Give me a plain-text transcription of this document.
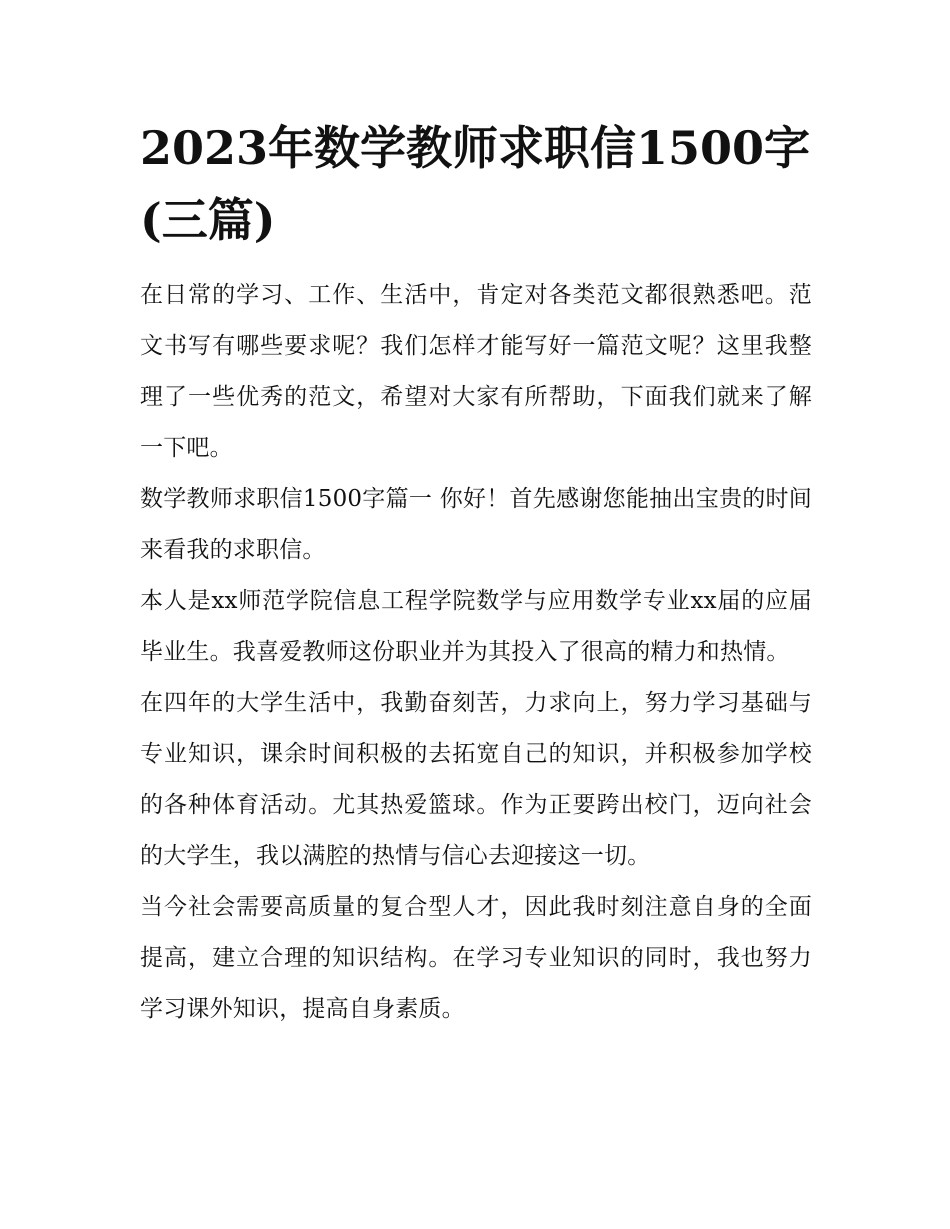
2023年数学教师求职信1500字(三篇)

在日常的学习、工作、生活中，肯定对各类范文都很熟悉吧。范文书写有哪些要求呢？我们怎样才能写好一篇范文呢？这里我整理了一些优秀的范文，希望对大家有所帮助，下面我们就来了解一下吧。

数学教师求职信1500字篇一 你好！首先感谢您能抽出宝贵的时间来看我的求职信。

本人是xx师范学院信息工程学院数学与应用数学专业xx届的应届毕业生。我喜爱教师这份职业并为其投入了很高的精力和热情。

在四年的大学生活中，我勤奋刻苦，力求向上，努力学习基础与专业知识，课余时间积极的去拓宽自己的知识，并积极参加学校的各种体育活动。尤其热爱篮球。作为正要跨出校门，迈向社会的大学生，我以满腔的热情与信心去迎接这一切。

当今社会需要高质量的复合型人才，因此我时刻注意自身的全面提高，建立合理的知识结构。在学习专业知识的同时，我也努力学习课外知识，提高自身素质。
